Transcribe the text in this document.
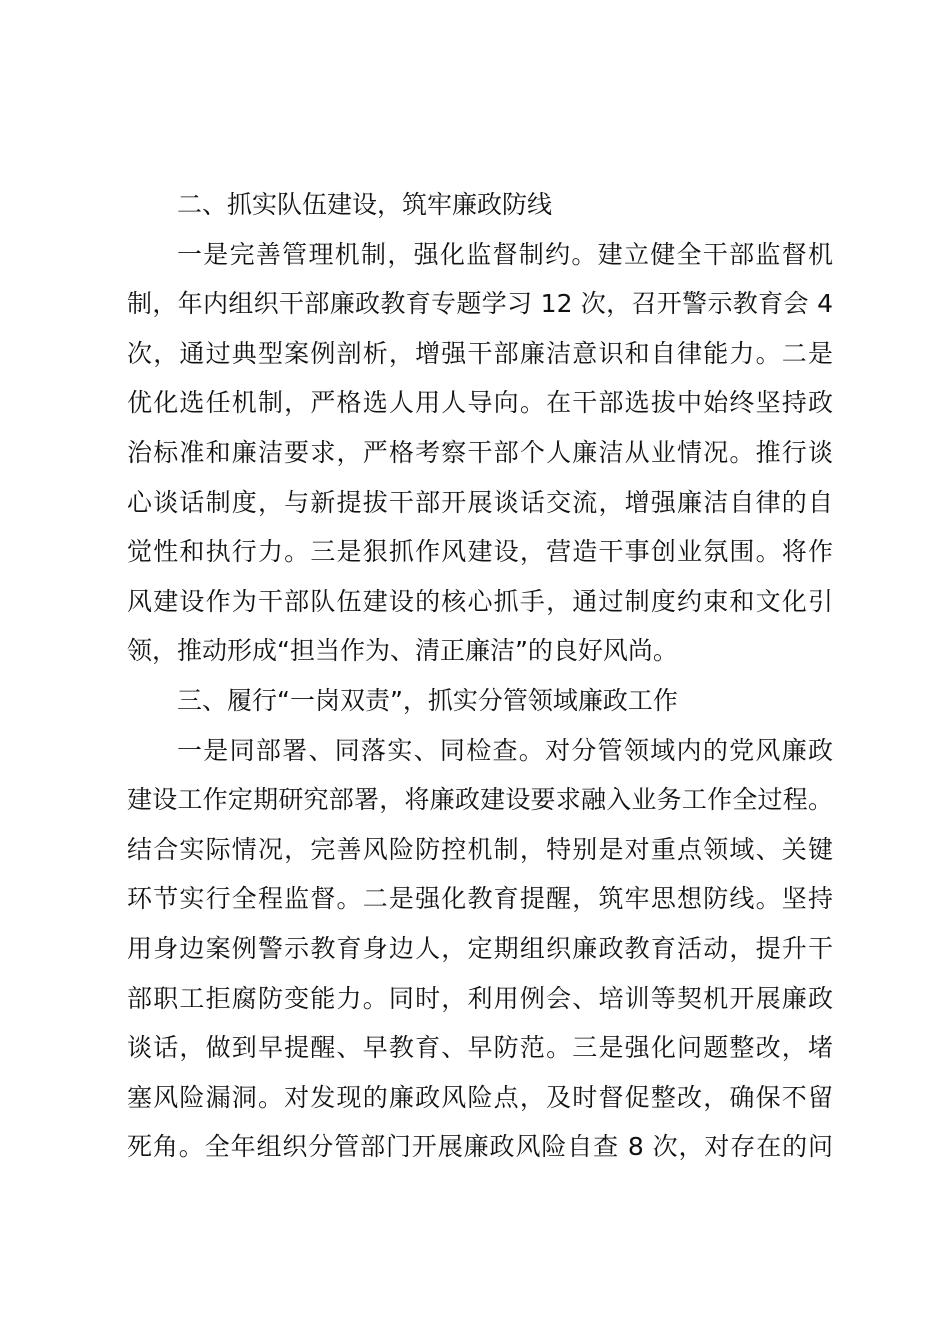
二、抓实队伍建设，筑牢廉政防线
一是完善管理机制，强化监督制约。建立健全干部监督机
制，年内组织干部廉政教育专题学习 12 次，召开警示教育会 4
次，通过典型案例剖析，增强干部廉洁意识和自律能力。二是
优化选任机制，严格选人用人导向。在干部选拔中始终坚持政
治标准和廉洁要求，严格考察干部个人廉洁从业情况。推行谈
心谈话制度，与新提拔干部开展谈话交流，增强廉洁自律的自
觉性和执行力。三是狠抓作风建设，营造干事创业氛围。将作
风建设作为干部队伍建设的核心抓手，通过制度约束和文化引
领，推动形成“担当作为、清正廉洁”的良好风尚。
三、履行“一岗双责”，抓实分管领域廉政工作
一是同部署、同落实、同检查。对分管领域内的党风廉政
建设工作定期研究部署，将廉政建设要求融入业务工作全过程。
结合实际情况，完善风险防控机制，特别是对重点领域、关键
环节实行全程监督。二是强化教育提醒，筑牢思想防线。坚持
用身边案例警示教育身边人，定期组织廉政教育活动，提升干
部职工拒腐防变能力。同时，利用例会、培训等契机开展廉政
谈话，做到早提醒、早教育、早防范。三是强化问题整改，堵
塞风险漏洞。对发现的廉政风险点，及时督促整改，确保不留
死角。全年组织分管部门开展廉政风险自查 8 次，对存在的问
